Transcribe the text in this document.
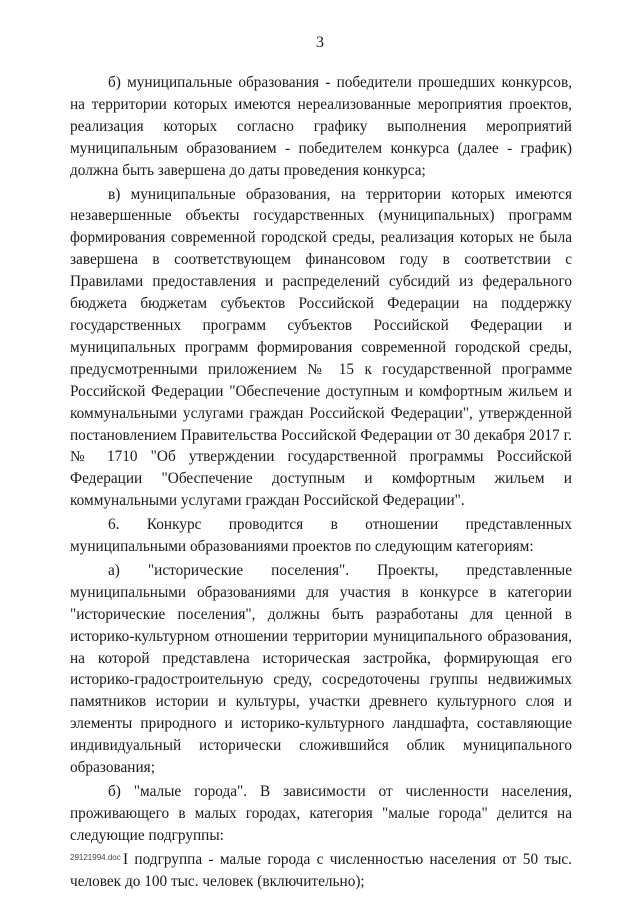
3

б) муниципальные образования - победители прошедших конкурсов, на территории которых имеются нереализованные мероприятия проектов, реализация которых согласно графику выполнения мероприятий муниципальным образованием - победителем конкурса (далее - график) должна быть завершена до даты проведения конкурса;

в) муниципальные образования, на территории которых имеются незавершенные объекты государственных (муниципальных) программ формирования современной городской среды, реализация которых не была завершена в соответствующем финансовом году в соответствии с Правилами предоставления и распределений субсидий из федерального бюджета бюджетам субъектов Российской Федерации на поддержку государственных программ субъектов Российской Федерации и муниципальных программ формирования современной городской среды, предусмотренными приложением № 15 к государственной программе Российской Федерации "Обеспечение доступным и комфортным жильем и коммунальными услугами граждан Российской Федерации", утвержденной постановлением Правительства Российской Федерации от 30 декабря 2017 г. № 1710 "Об утверждении государственной программы Российской Федерации "Обеспечение доступным и комфортным жильем и коммунальными услугами граждан Российской Федерации".

6. Конкурс проводится в отношении представленных муниципальными образованиями проектов по следующим категориям:

а) "исторические поселения". Проекты, представленные муниципальными образованиями для участия в конкурсе в категории "исторические поселения", должны быть разработаны для ценной в историко-культурном отношении территории муниципального образования, на которой представлена историческая застройка, формирующая его историко-градостроительную среду, сосредоточены группы недвижимых памятников истории и культуры, участки древнего культурного слоя и элементы природного и историко-культурного ландшафта, составляющие индивидуальный исторически сложившийся облик муниципального образования;

б) "малые города". В зависимости от численности населения, проживающего в малых городах, категория "малые города" делится на следующие подгруппы:

I подгруппа - малые города с численностью населения от 50 тыс. человек до 100 тыс. человек (включительно);

29121994.doc
